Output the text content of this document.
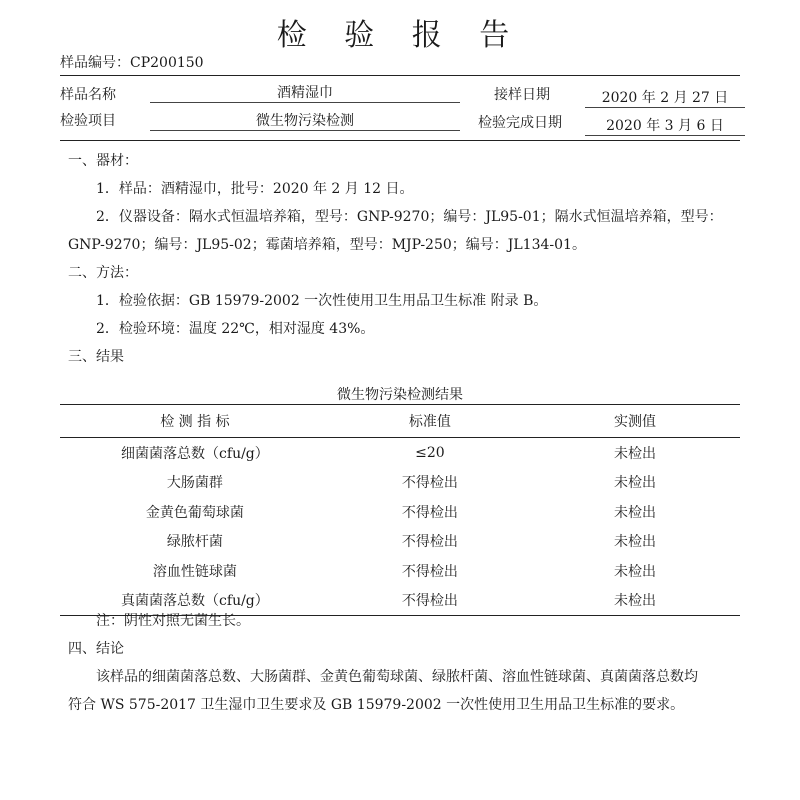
检 验 报 告
样品编号：CP200150
样品名称	酒精湿巾	接样日期	2020 年 2 月 27 日
检验项目	微生物污染检测	检验完成日期	2020 年 3 月 6 日
一、器材：
1．样品：酒精湿巾，批号：2020 年 2 月 12 日。
2．仪器设备：隔水式恒温培养箱，型号：GNP-9270；编号：JL95-01；隔水式恒温培养箱，型号：
GNP-9270；编号：JL95-02；霉菌培养箱，型号：MJP-250；编号：JL134-01。
二、方法：
1．检验依据：GB 15979-2002 一次性使用卫生用品卫生标准 附录 B。
2．检验环境：温度 22℃，相对湿度 43%。
三、结果
微生物污染检测结果
检 测 指 标	标准值	实测值
细菌菌落总数（cfu/g）	≤20	未检出
大肠菌群	不得检出	未检出
金黄色葡萄球菌	不得检出	未检出
绿脓杆菌	不得检出	未检出
溶血性链球菌	不得检出	未检出
真菌菌落总数（cfu/g）	不得检出	未检出
注：阴性对照无菌生长。
四、结论
该样品的细菌菌落总数、大肠菌群、金黄色葡萄球菌、绿脓杆菌、溶血性链球菌、真菌菌落总数均
符合 WS 575-2017 卫生湿巾卫生要求及 GB 15979-2002 一次性使用卫生用品卫生标准的要求。
